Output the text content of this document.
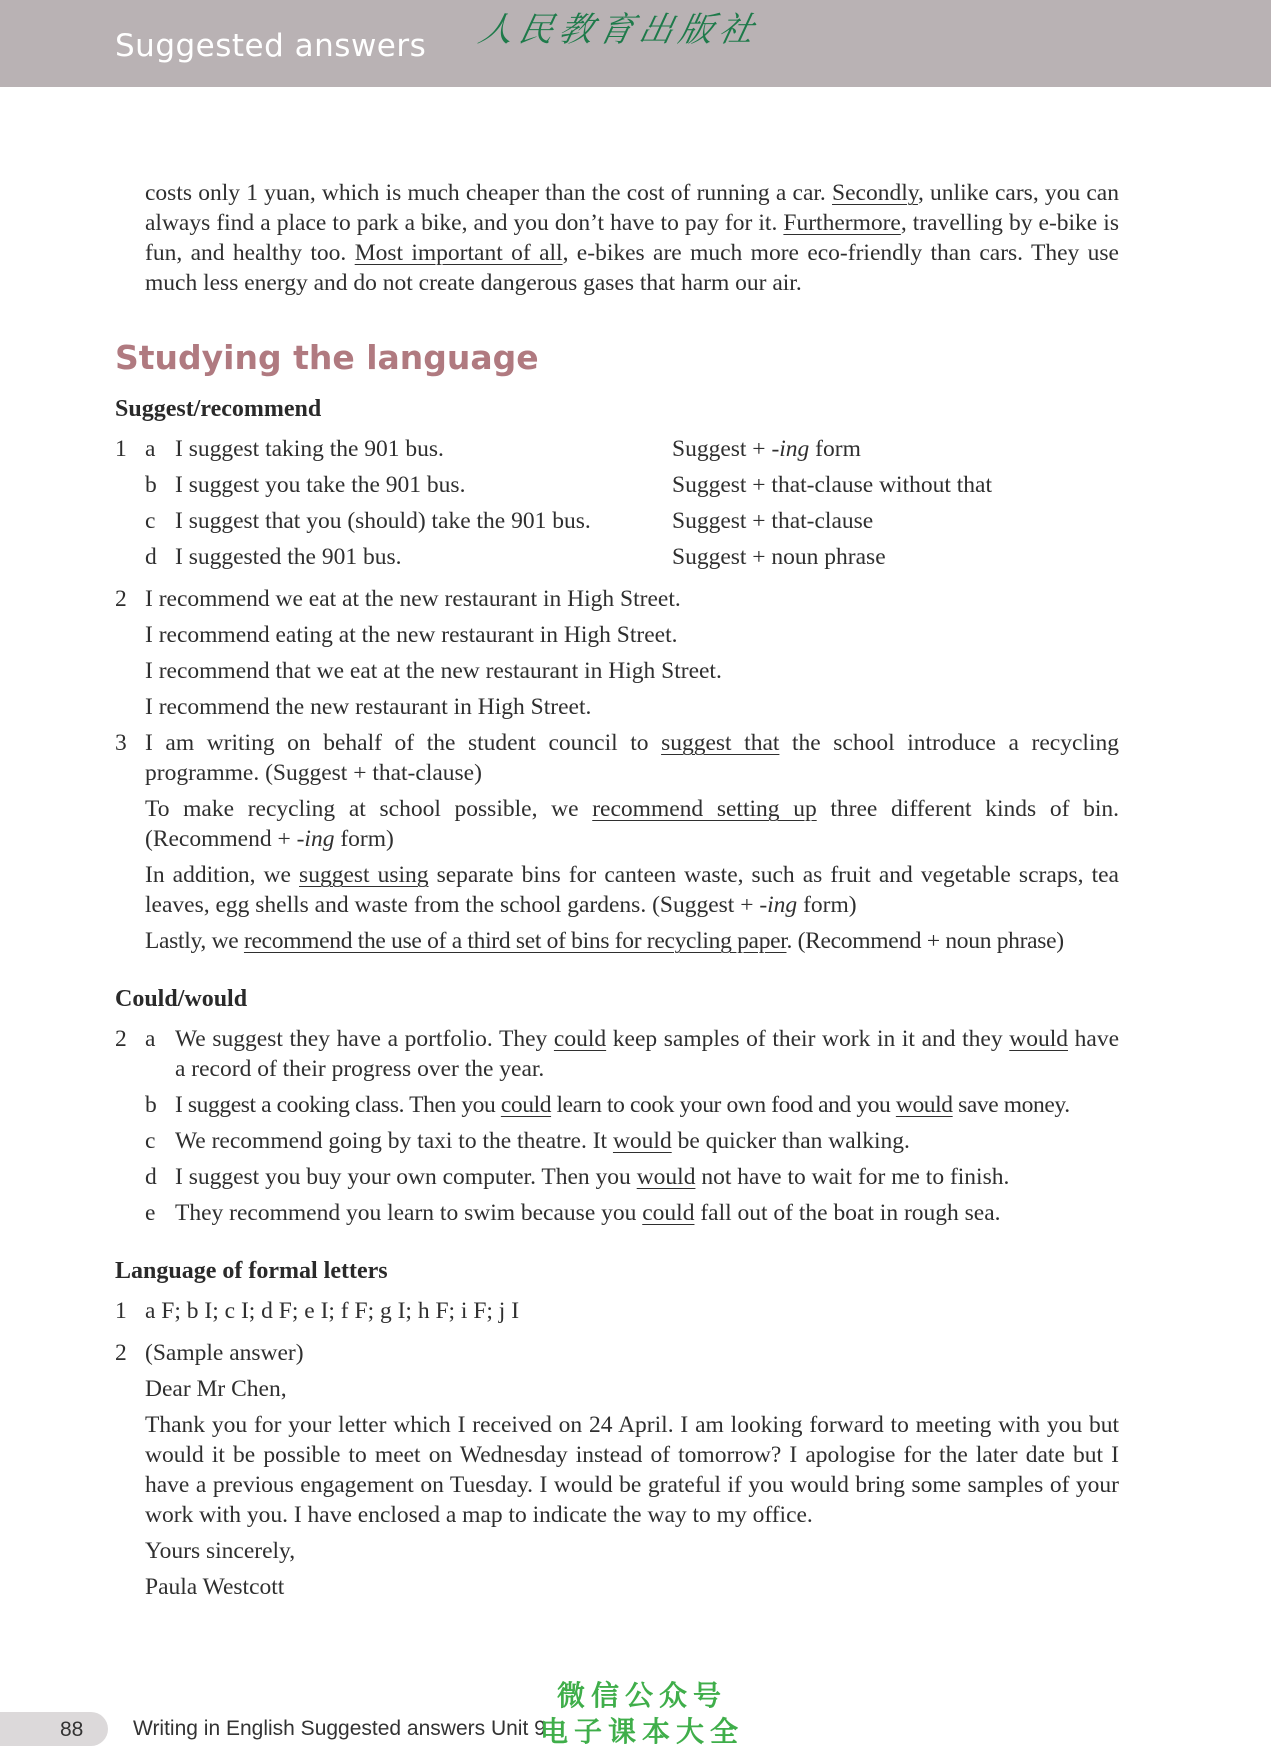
Suggested answers 人民教育出版社
costs only 1 yuan, which is much cheaper than the cost of running a car. Secondly, unlike cars, you can always find a place to park a bike, and you don’t have to pay for it. Furthermore, travelling by e-bike is fun, and healthy too. Most important of all, e-bikes are much more eco-friendly than cars. They use much less energy and do not create dangerous gases that harm our air.
Studying the language
Suggest/recommend
1 a I suggest taking the 901 bus.	Suggest + -ing form
b I suggest you take the 901 bus.	Suggest + that-clause without that
c I suggest that you (should) take the 901 bus.	Suggest + that-clause
d I suggested the 901 bus.	Suggest + noun phrase
2 I recommend we eat at the new restaurant in High Street.
I recommend eating at the new restaurant in High Street.
I recommend that we eat at the new restaurant in High Street.
I recommend the new restaurant in High Street.
3 I am writing on behalf of the student council to suggest that the school introduce a recycling programme. (Suggest + that-clause)
To make recycling at school possible, we recommend setting up three different kinds of bin. (Recommend + -ing form)
In addition, we suggest using separate bins for canteen waste, such as fruit and vegetable scraps, tea leaves, egg shells and waste from the school gardens. (Suggest + -ing form)
Lastly, we recommend the use of a third set of bins for recycling paper. (Recommend + noun phrase)
Could/would
2 a We suggest they have a portfolio. They could keep samples of their work in it and they would have a record of their progress over the year.
b I suggest a cooking class. Then you could learn to cook your own food and you would save money.
c We recommend going by taxi to the theatre. It would be quicker than walking.
d I suggest you buy your own computer. Then you would not have to wait for me to finish.
e They recommend you learn to swim because you could fall out of the boat in rough sea.
Language of formal letters
1 a F; b I; c I; d F; e I; f F; g I; h F; i F; j I
2 (Sample answer)
Dear Mr Chen,
Thank you for your letter which I received on 24 April. I am looking forward to meeting with you but would it be possible to meet on Wednesday instead of tomorrow? I apologise for the later date but I have a previous engagement on Tuesday. I would be grateful if you would bring some samples of your work with you. I have enclosed a map to indicate the way to my office.
Yours sincerely,
Paula Westcott
88 Writing in English Suggested answers Unit 9
微信公众号
电子课本大全
